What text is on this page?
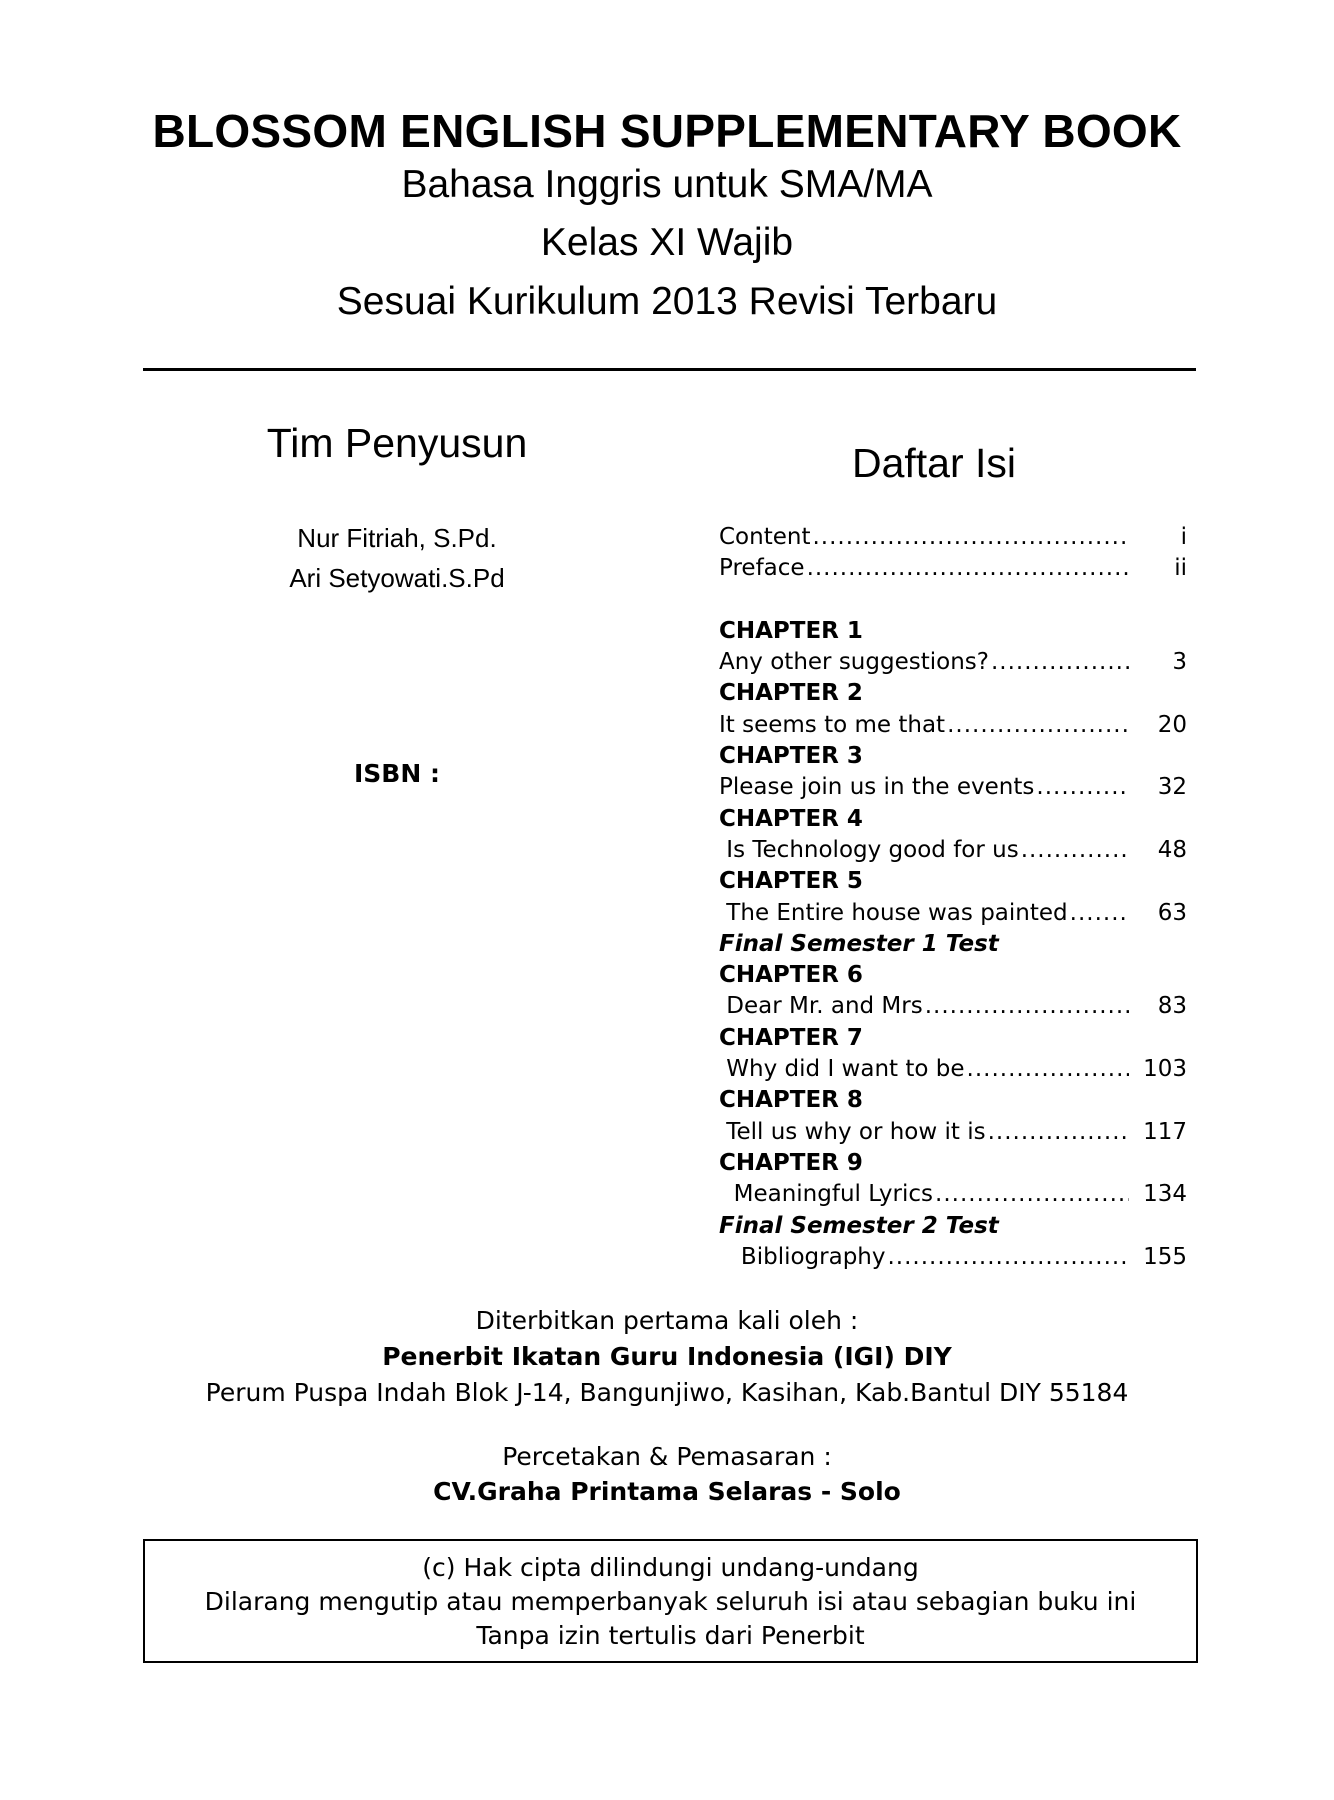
BLOSSOM ENGLISH SUPPLEMENTARY BOOK
Bahasa Inggris untuk SMA/MA
Kelas XI Wajib
Sesuai Kurikulum 2013 Revisi Terbaru
Tim Penyusun
Nur Fitriah, S.Pd.
Ari Setyowati.S.Pd
ISBN :
Daftar Isi
Content .....	i
Preface .....	ii
CHAPTER 1
Any other suggestions? .....	3
CHAPTER 2
It seems to me that .....	20
CHAPTER 3
Please join us in the events .....	32
CHAPTER 4
Is Technology good for us .....	48
CHAPTER 5
The Entire house was painted .....	63
Final Semester 1 Test
CHAPTER 6
Dear Mr. and Mrs .....	83
CHAPTER 7
Why did I want to be .....	103
CHAPTER 8
Tell us why or how it is .....	117
CHAPTER 9
Meaningful Lyrics .....	134
Final Semester 2 Test
Bibliography .....	155
Diterbitkan pertama kali oleh :
Penerbit Ikatan Guru Indonesia (IGI) DIY
Perum Puspa Indah Blok J-14, Bangunjiwo, Kasihan, Kab.Bantul DIY 55184
Percetakan & Pemasaran :
CV.Graha Printama Selaras - Solo
(c) Hak cipta dilindungi undang-undang
Dilarang mengutip atau memperbanyak seluruh isi atau sebagian buku ini
Tanpa izin tertulis dari Penerbit
